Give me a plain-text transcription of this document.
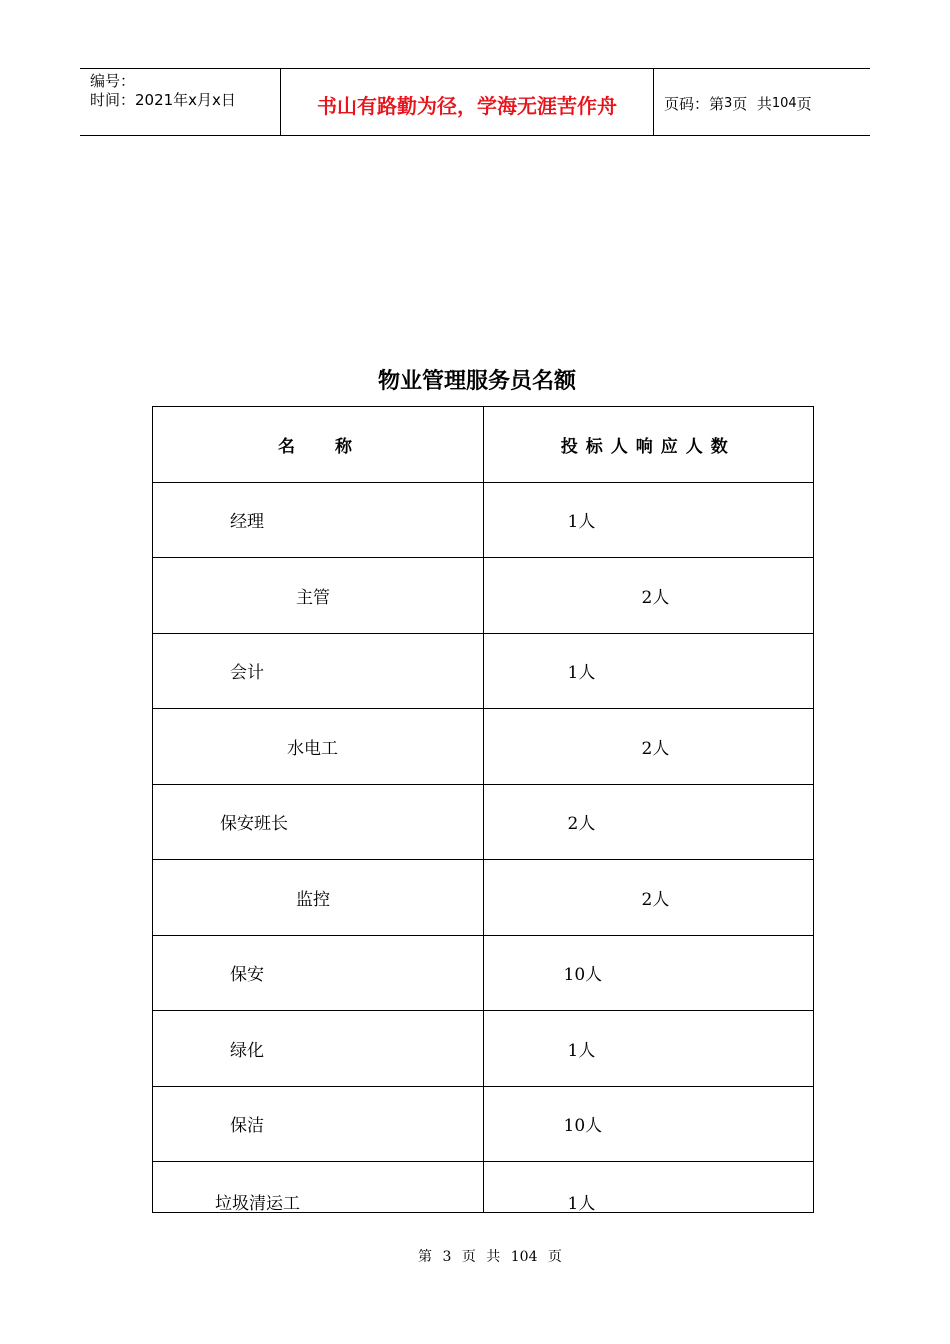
编号：
时间：2021年x月x日	书山有路勤为径，学海无涯苦作舟	页码：第 3 页  共 104 页
物业管理服务员名额
名称	投标人响应人数
经理	1人
主管	2人
会计	1人
水电工	2人
保安班长	2人
监控	2人
保安	10人
绿化	1人
保洁	10人
垃圾清运工	1人
第 3 页 共 104 页
